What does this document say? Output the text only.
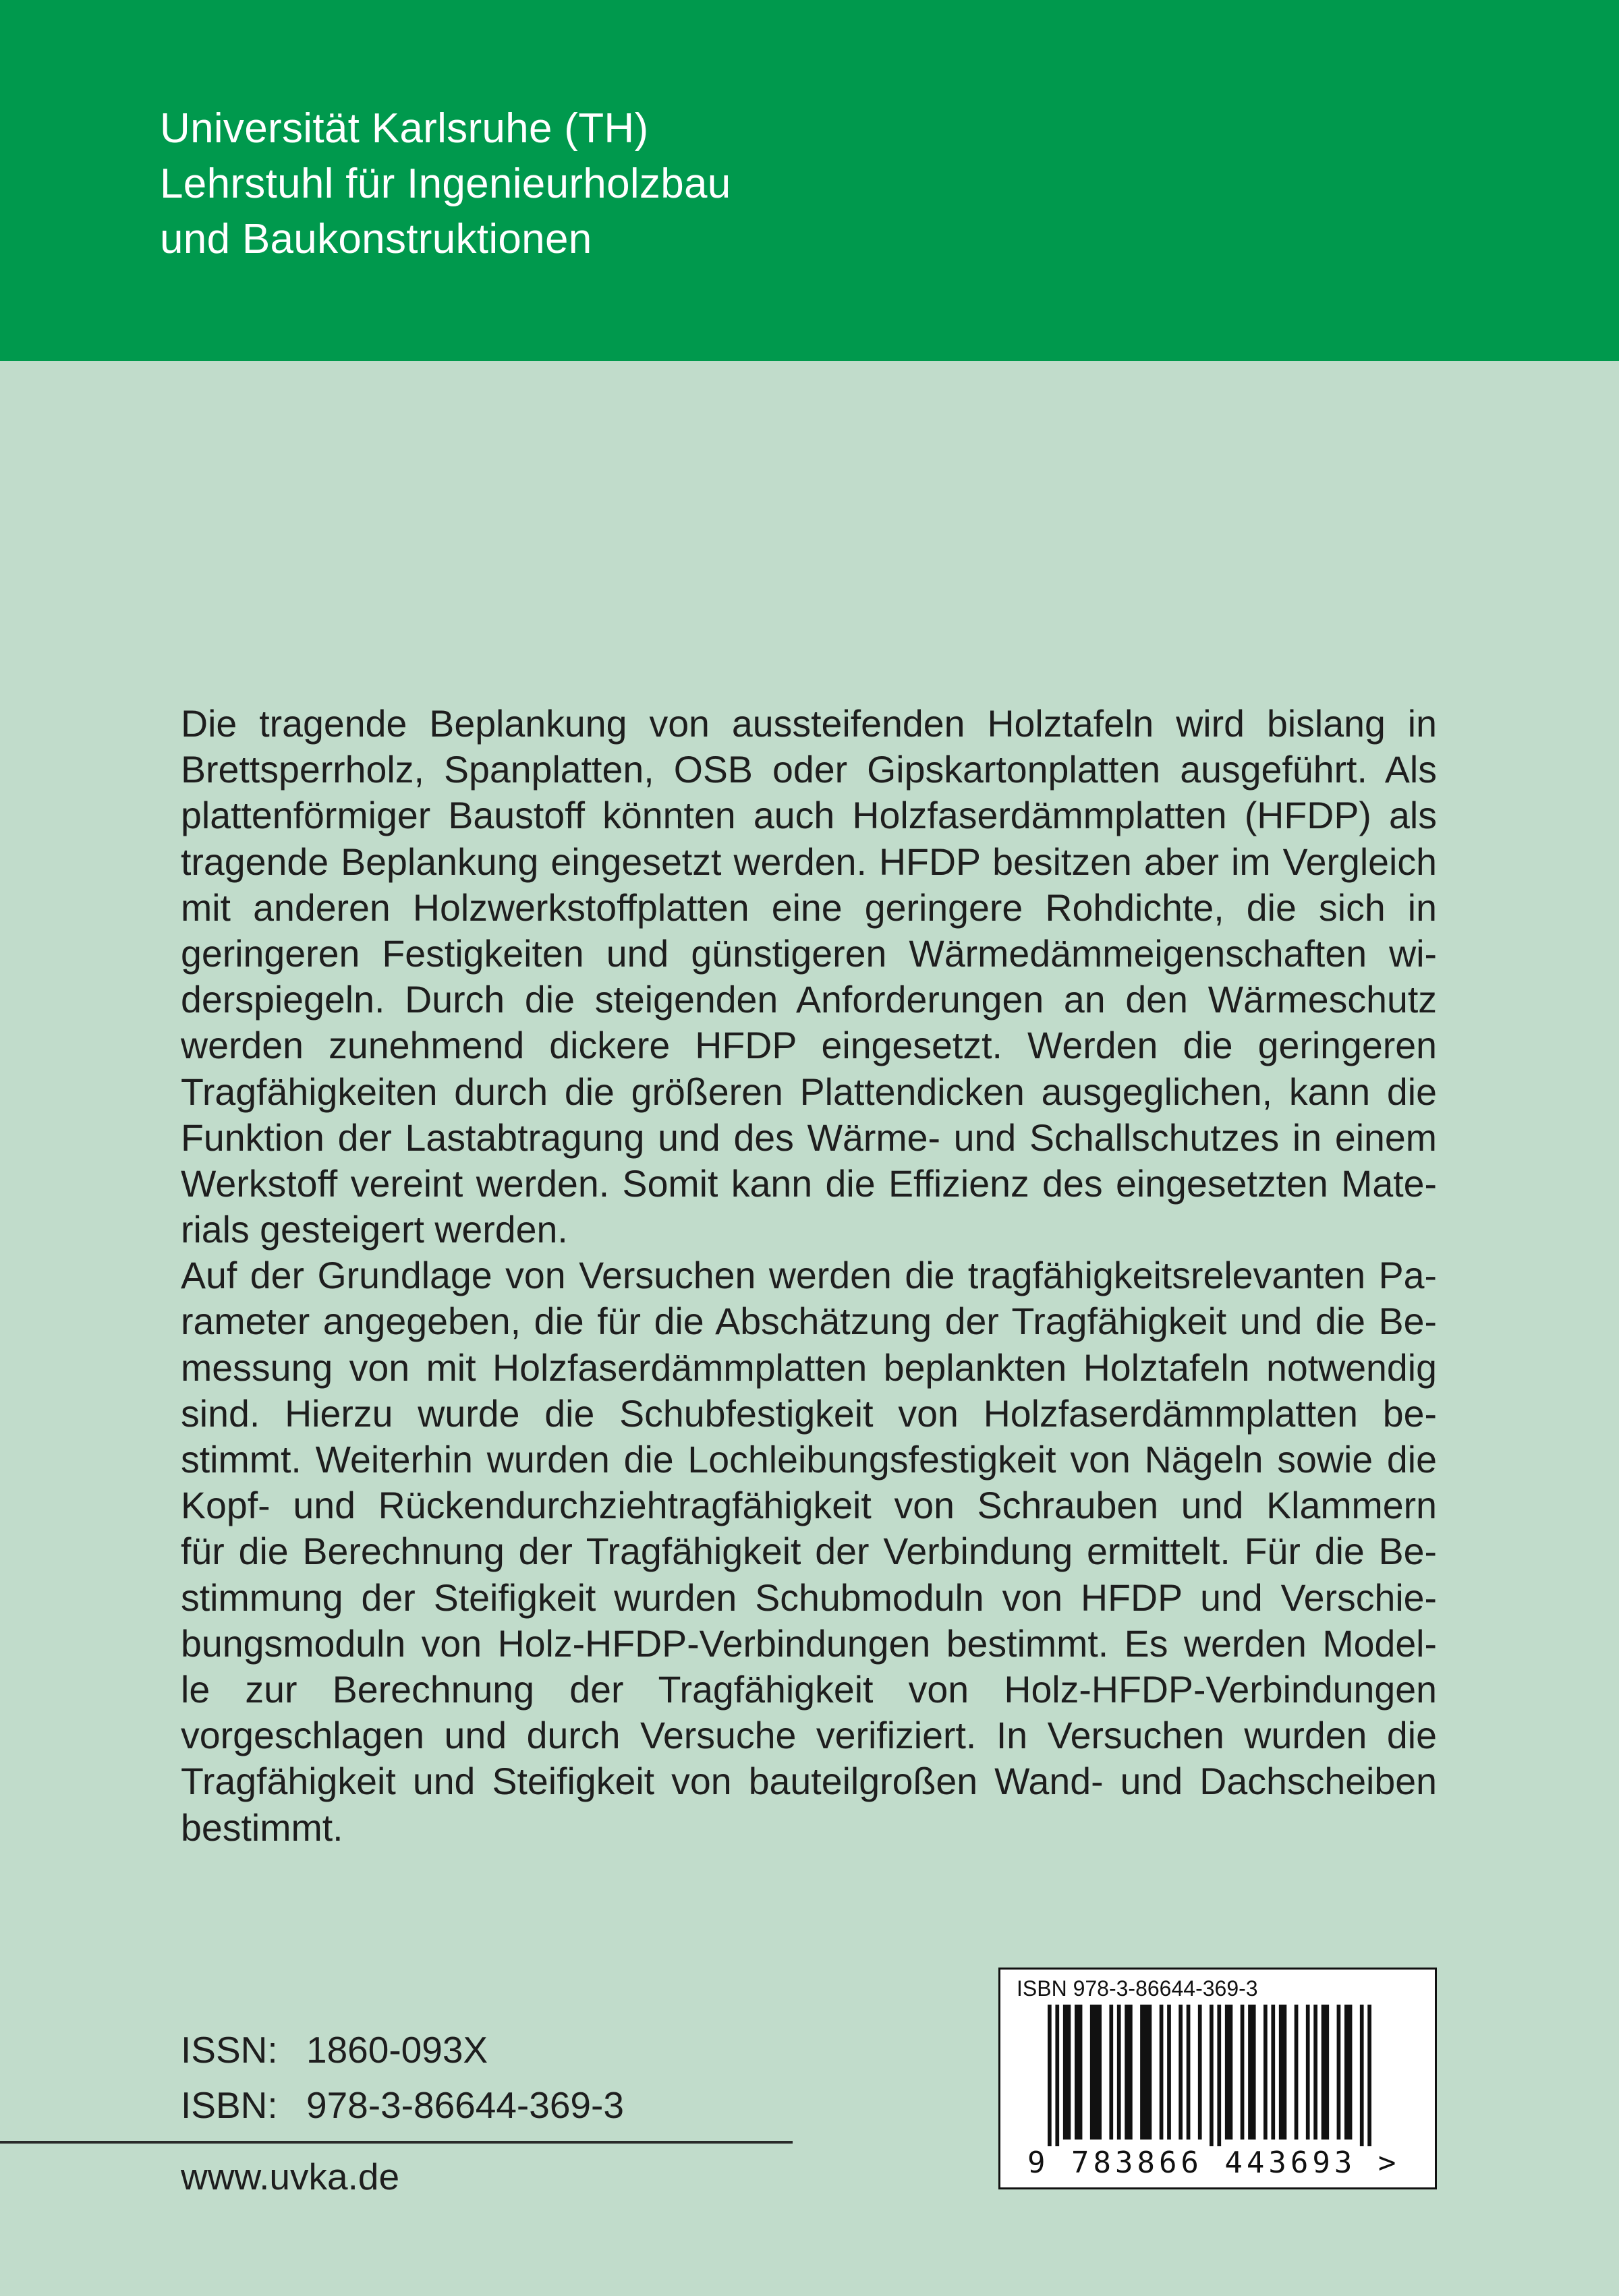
Universität Karlsruhe (TH)
Lehrstuhl für Ingenieurholzbau
und Baukonstruktionen
Die tragende Beplankung von aussteifenden Holztafeln wird bislang in
Brettsperrholz, Spanplatten, OSB oder Gipskartonplatten ausgeführt. Als
plattenförmiger Baustoff könnten auch Holzfaserdämmplatten (HFDP) als
tragende Beplankung eingesetzt werden. HFDP besitzen aber im Vergleich
mit anderen Holzwerkstoffplatten eine geringere Rohdichte, die sich in
geringeren Festigkeiten und günstigeren Wärmedämmeigenschaften wi-
derspiegeln. Durch die steigenden Anforderungen an den Wärmeschutz
werden zunehmend dickere HFDP eingesetzt. Werden die geringeren
Tragfähigkeiten durch die größeren Plattendicken ausgeglichen, kann die
Funktion der Lastabtragung und des Wärme- und Schallschutzes in einem
Werkstoff vereint werden. Somit kann die Effizienz des eingesetzten Mate-
rials gesteigert werden.
Auf der Grundlage von Versuchen werden die tragfähigkeitsrelevanten Pa-
rameter angegeben, die für die Abschätzung der Tragfähigkeit und die Be-
messung von mit Holzfaserdämmplatten beplankten Holztafeln notwendig
sind. Hierzu wurde die Schubfestigkeit von Holzfaserdämmplatten be-
stimmt. Weiterhin wurden die Lochleibungsfestigkeit von Nägeln sowie die
Kopf- und Rückendurchziehtragfähigkeit von Schrauben und Klammern
für die Berechnung der Tragfähigkeit der Verbindung ermittelt. Für die Be-
stimmung der Steifigkeit wurden Schubmoduln von HFDP und Verschie-
bungsmoduln von Holz-HFDP-Verbindungen bestimmt. Es werden Model-
le zur Berechnung der Tragfähigkeit von Holz-HFDP-Verbindungen
vorgeschlagen und durch Versuche verifiziert. In Versuchen wurden die
Tragfähigkeit und Steifigkeit von bauteilgroßen Wand- und Dachscheiben
bestimmt.
ISSN: 1860-093X
ISBN: 978-3-86644-369-3
www.uvka.de
ISBN 978-3-86644-369-3
9 783866 443693 >
